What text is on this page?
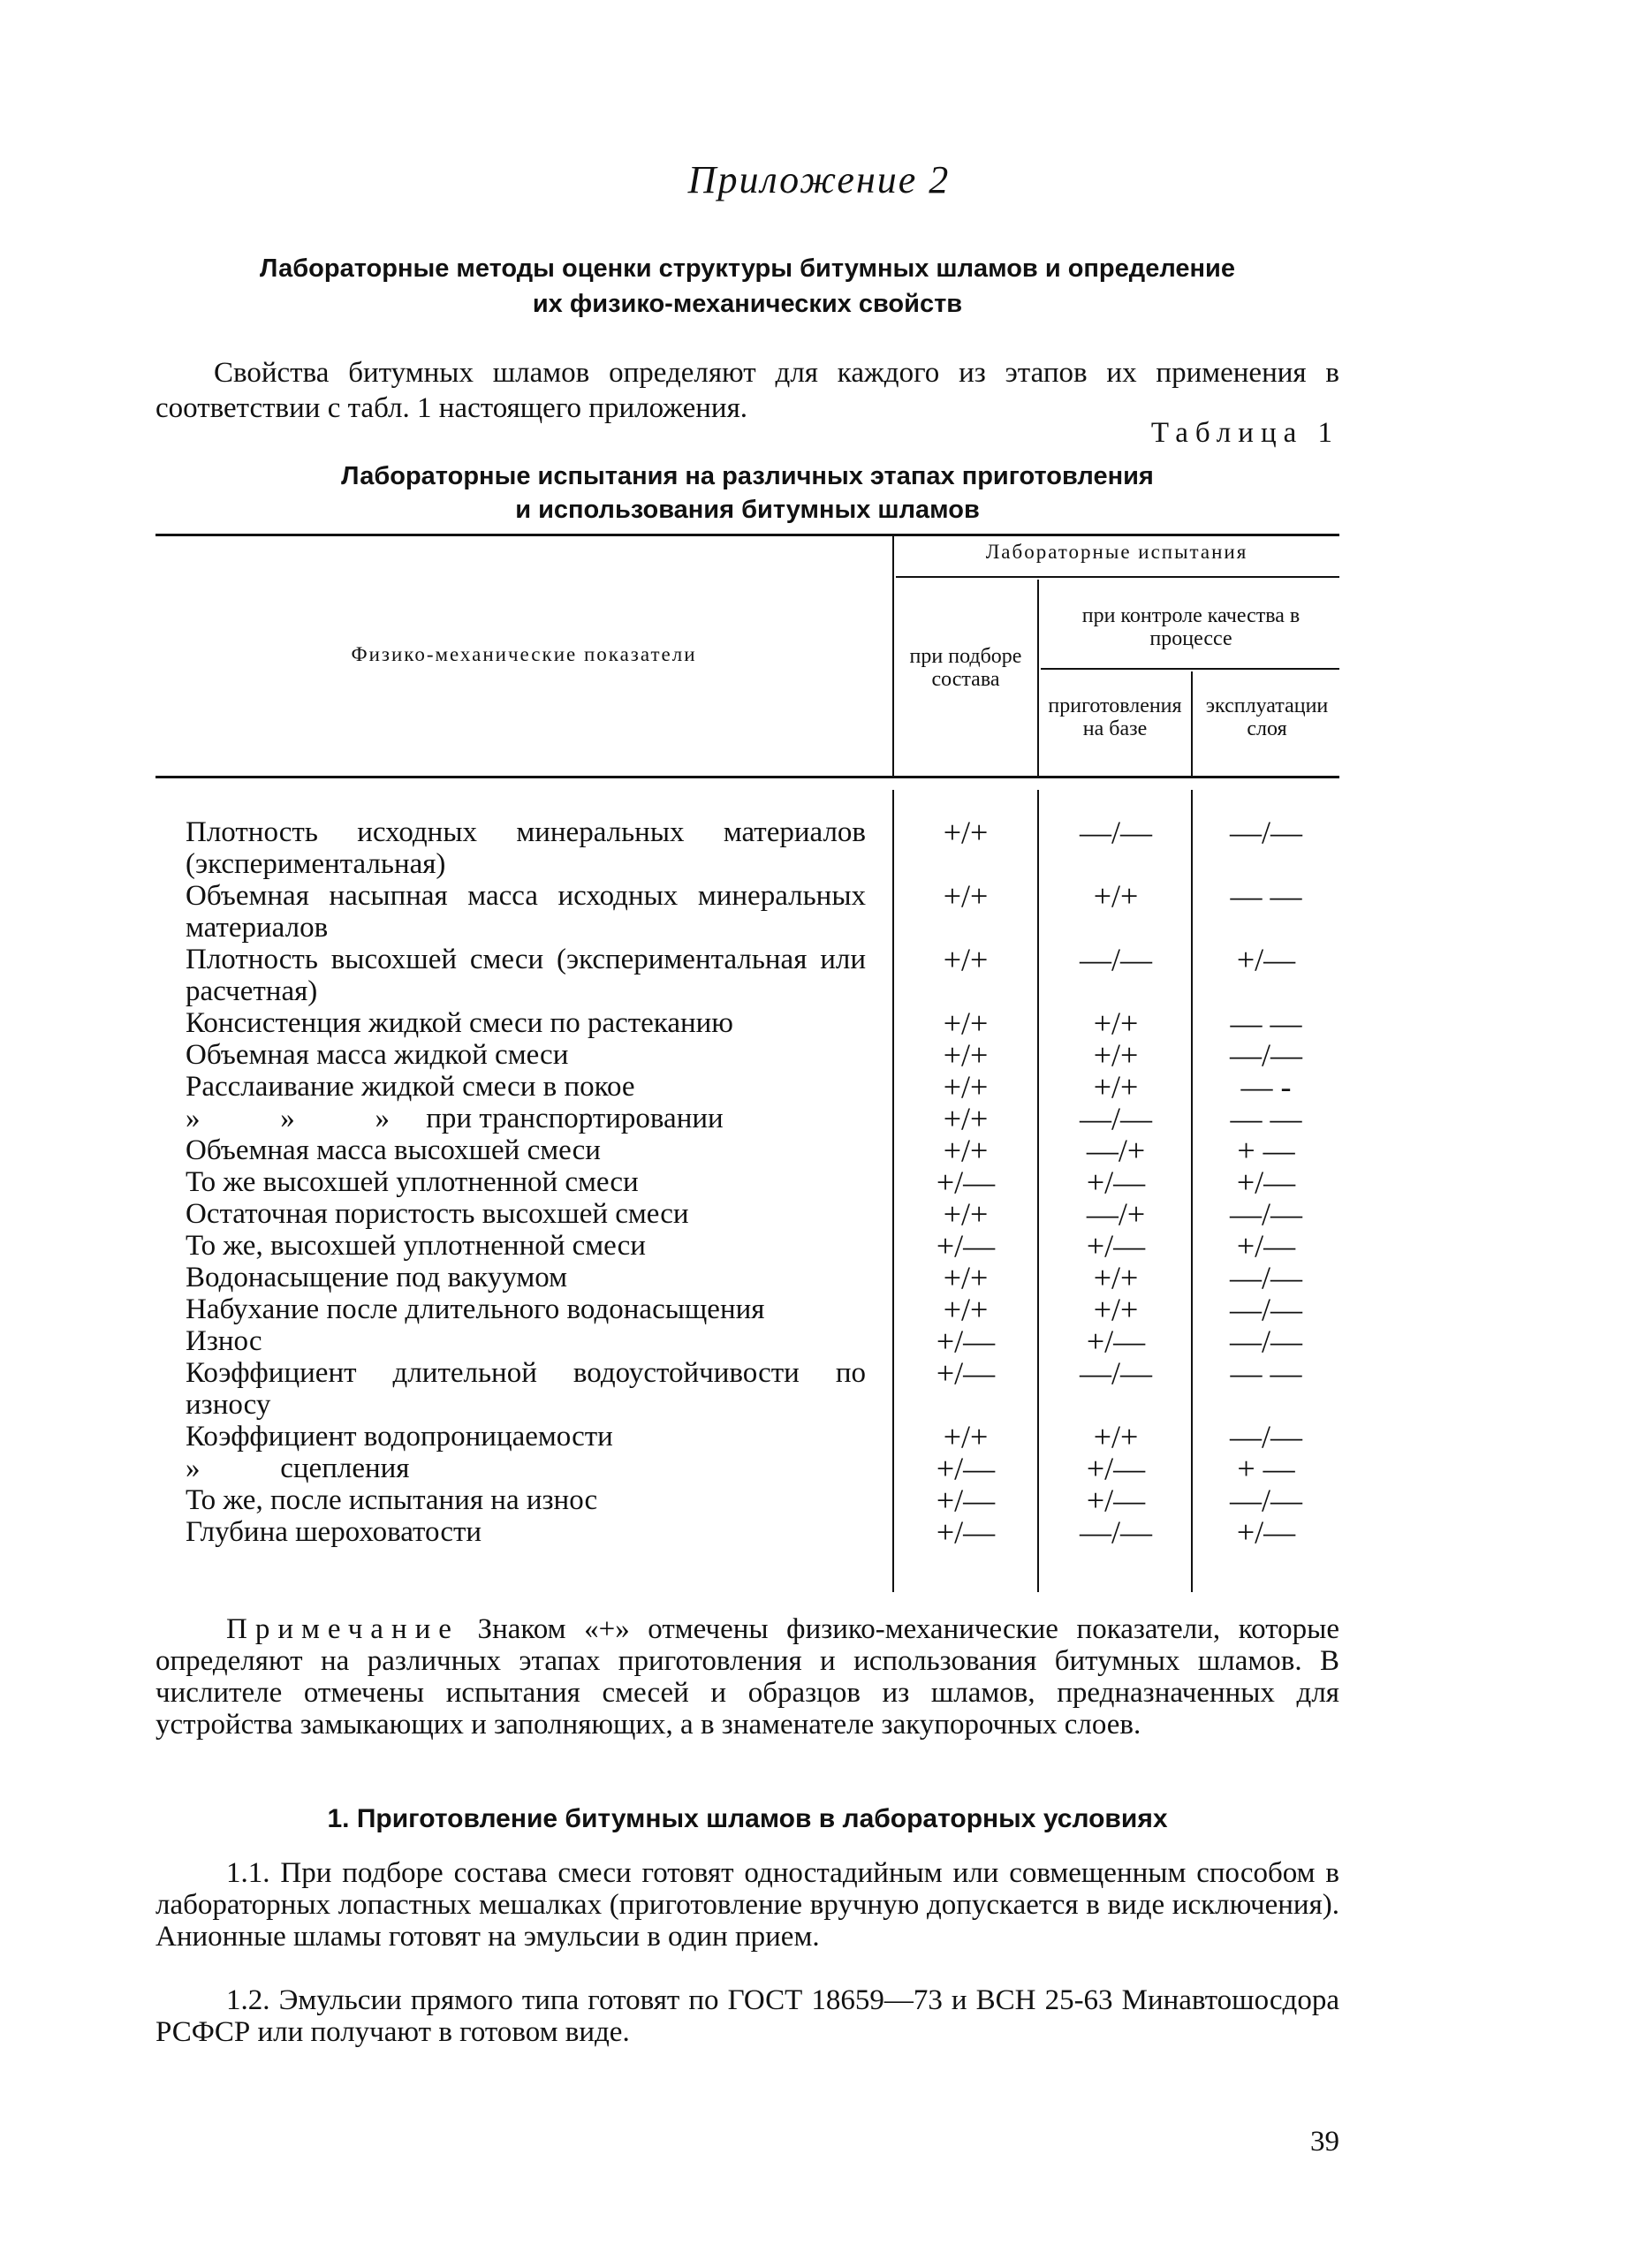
Приложение 2
Лабораторные методы оценки структуры битумных шламов и определение
их физико-механических свойств
Свойства битумных шламов определяют для каждого из этапов их применения в соответствии с табл. 1 настоящего приложения.
Таблица 1
Лабораторные испытания на различных этапах приготовления
и использования битумных шламов
Физико-механические показатели
Лабораторные испытания
при подборе состава
при контроле качества в процессе
приготовления на базе
эксплуатации слоя
Плотность исходных минеральных материалов (экспериментальная)
+/+	—/—	—/—
Объемная насыпная масса исходных минеральных материалов
+/+	+/+	— —
Плотность высохшей смеси (экспериментальная или расчетная)
+/+	—/—	+/—
Консистенция жидкой смеси по растеканию	+/+	+/+	— —
Объемная масса жидкой смеси	+/+	+/+	—/—
Расслаивание жидкой смеси в покое	+/+	+/+	— -
»           »           »     при транспортировании	+/+	—/—	— —
Объемная масса высохшей смеси	+/+	—/+	+ —
То же высохшей уплотненной смеси	+/—	+/—	+/—
Остаточная пористость высохшей смеси	+/+	—/+	—/—
То же, высохшей уплотненной смеси	+/—	+/—	+/—
Водонасыщение под вакуумом	+/+	+/+	—/—
Набухание после длительного водонасыщения	+/+	+/+	—/—
Износ	+/—	+/—	—/—
Коэффициент длительной водоустойчивости по износу
+/—	—/—	— —
Коэффициент водопроницаемости	+/+	+/+	—/—
»           сцепления	+/—	+/—	+ —
То же, после испытания на износ	+/—	+/—	—/—
Глубина шероховатости	+/—	—/—	+/—
Примечание Знаком «+» отмечены физико-механические показатели, которые определяют на различных этапах приготовления и использования битумных шламов. В числителе отмечены испытания смесей и образцов из шламов, предназначенных для устройства замыкающих и заполняющих, а в знаменателе закупорочных слоев.
1. Приготовление битумных шламов в лабораторных условиях
1.1. При подборе состава смеси готовят одностадийным или совмещенным способом в лабораторных лопастных мешалках (приготовление вручную допускается в виде исключения). Анионные шламы готовят на эмульсии в один прием.
1.2. Эмульсии прямого типа готовят по ГОСТ 18659—73 и ВСН 25-63 Минавтошосдора РСФСР или получают в готовом виде.
39
